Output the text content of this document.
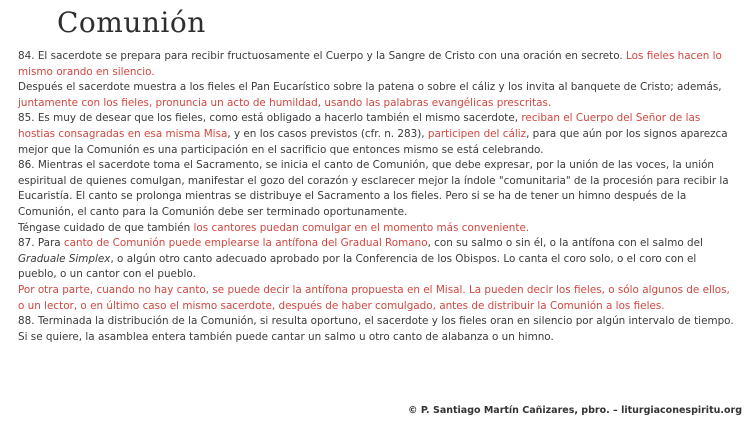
Comunión

84. El sacerdote se prepara para recibir fructuosamente el Cuerpo y la Sangre de Cristo con una oración en secreto. Los fieles hacen lo mismo orando en silencio.

Después el sacerdote muestra a los fieles el Pan Eucarístico sobre la patena o sobre el cáliz y los invita al banquete de Cristo; además, juntamente con los fieles, pronuncia un acto de humildad, usando las palabras evangélicas prescritas.

85. Es muy de desear que los fieles, como está obligado a hacerlo también el mismo sacerdote, reciban el Cuerpo del Señor de las hostias consagradas en esa misma Misa, y en los casos previstos (cfr. n. 283), participen del cáliz, para que aún por los signos aparezca mejor que la Comunión es una participación en el sacrificio que entonces mismo se está celebrando.

86. Mientras el sacerdote toma el Sacramento, se inicia el canto de Comunión, que debe expresar, por la unión de las voces, la unión espiritual de quienes comulgan, manifestar el gozo del corazón y esclarecer mejor la índole "comunitaria" de la procesión para recibir la Eucaristía. El canto se prolonga mientras se distribuye el Sacramento a los fieles. Pero si se ha de tener un himno después de la Comunión, el canto para la Comunión debe ser terminado oportunamente.

Téngase cuidado de que también los cantores puedan comulgar en el momento más conveniente.

87. Para canto de Comunión puede emplearse la antífona del Gradual Romano, con su salmo o sin él, o la antífona con el salmo del Graduale Simplex, o algún otro canto adecuado aprobado por la Conferencia de los Obispos. Lo canta el coro solo, o el coro con el pueblo, o un cantor con el pueblo.

Por otra parte, cuando no hay canto, se puede decir la antífona propuesta en el Misal. La pueden decir los fieles, o sólo algunos de ellos, o un lector, o en último caso el mismo sacerdote, después de haber comulgado, antes de distribuir la Comunión a los fieles.

88. Terminada la distribución de la Comunión, si resulta oportuno, el sacerdote y los fieles oran en silencio por algún intervalo de tiempo. Si se quiere, la asamblea entera también puede cantar un salmo u otro canto de alabanza o un himno.

© P. Santiago Martín Cañizares, pbro. – liturgiaconespiritu.org
